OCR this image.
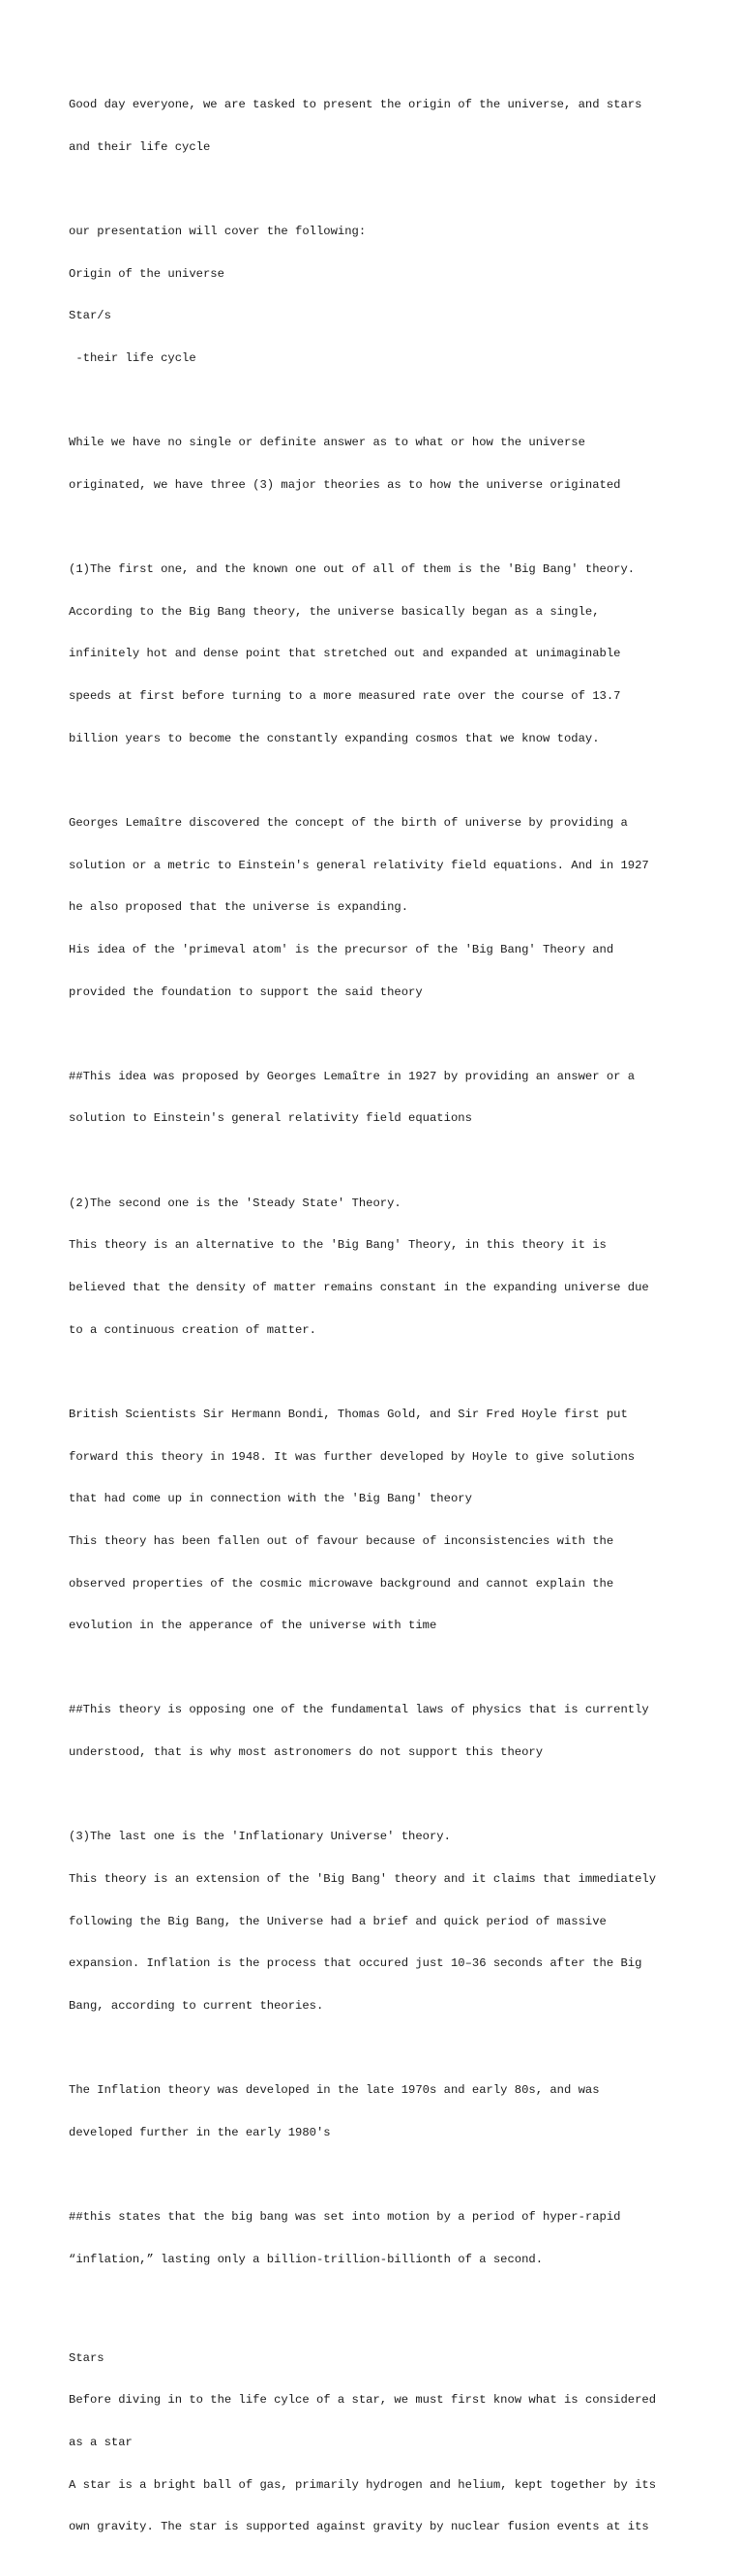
Good day everyone, we are tasked to present the origin of the universe, and stars

and their life cycle

our presentation will cover the following:

Origin of the universe

Star/s

-their life cycle

While we have no single or definite answer as to what or how the universe

originated, we have three (3) major theories as to how the universe originated

(1)The first one, and the known one out of all of them is the 'Big Bang' theory.

According to the Big Bang theory, the universe basically began as a single,

infinitely hot and dense point that stretched out and expanded at unimaginable

speeds at first before turning to a more measured rate over the course of 13.7

billion years to become the constantly expanding cosmos that we know today.

Georges Lemaître discovered the concept of the birth of universe by providing a

solution or a metric to Einstein's general relativity field equations. And in 1927

he also proposed that the universe is expanding.

His idea of the 'primeval atom' is the precursor of the 'Big Bang' Theory and

provided the foundation to support the said theory

##This idea was proposed by Georges Lemaître in 1927 by providing an answer or a

solution to Einstein's general relativity field equations

(2)The second one is the 'Steady State' Theory.

This theory is an alternative to the 'Big Bang' Theory, in this theory it is

believed that the density of matter remains constant in the expanding universe due

to a continuous creation of matter.

British Scientists Sir Hermann Bondi, Thomas Gold, and Sir Fred Hoyle first put

forward this theory in 1948. It was further developed by Hoyle to give solutions

that had come up in connection with the 'Big Bang' theory

This theory has been fallen out of favour because of inconsistencies with the

observed properties of the cosmic microwave background and cannot explain the

evolution in the apperance of the universe with time

##This theory is opposing one of the fundamental laws of physics that is currently

understood, that is why most astronomers do not support this theory

(3)The last one is the 'Inflationary Universe' theory.

This theory is an extension of the 'Big Bang' theory and it claims that immediately

following the Big Bang, the Universe had a brief and quick period of massive

expansion. Inflation is the process that occured just 10–36 seconds after the Big

Bang, according to current theories.

The Inflation theory was developed in the late 1970s and early 80s, and was

developed further in the early 1980's

##this states that the big bang was set into motion by a period of hyper-rapid

“inflation,” lasting only a billion-trillion-billionth of a second.

Stars

Before diving in to the life cylce of a star, we must first know what is considered

as a star

A star is a bright ball of gas, primarily hydrogen and helium, kept together by its

own gravity. The star is supported against gravity by nuclear fusion events at its
